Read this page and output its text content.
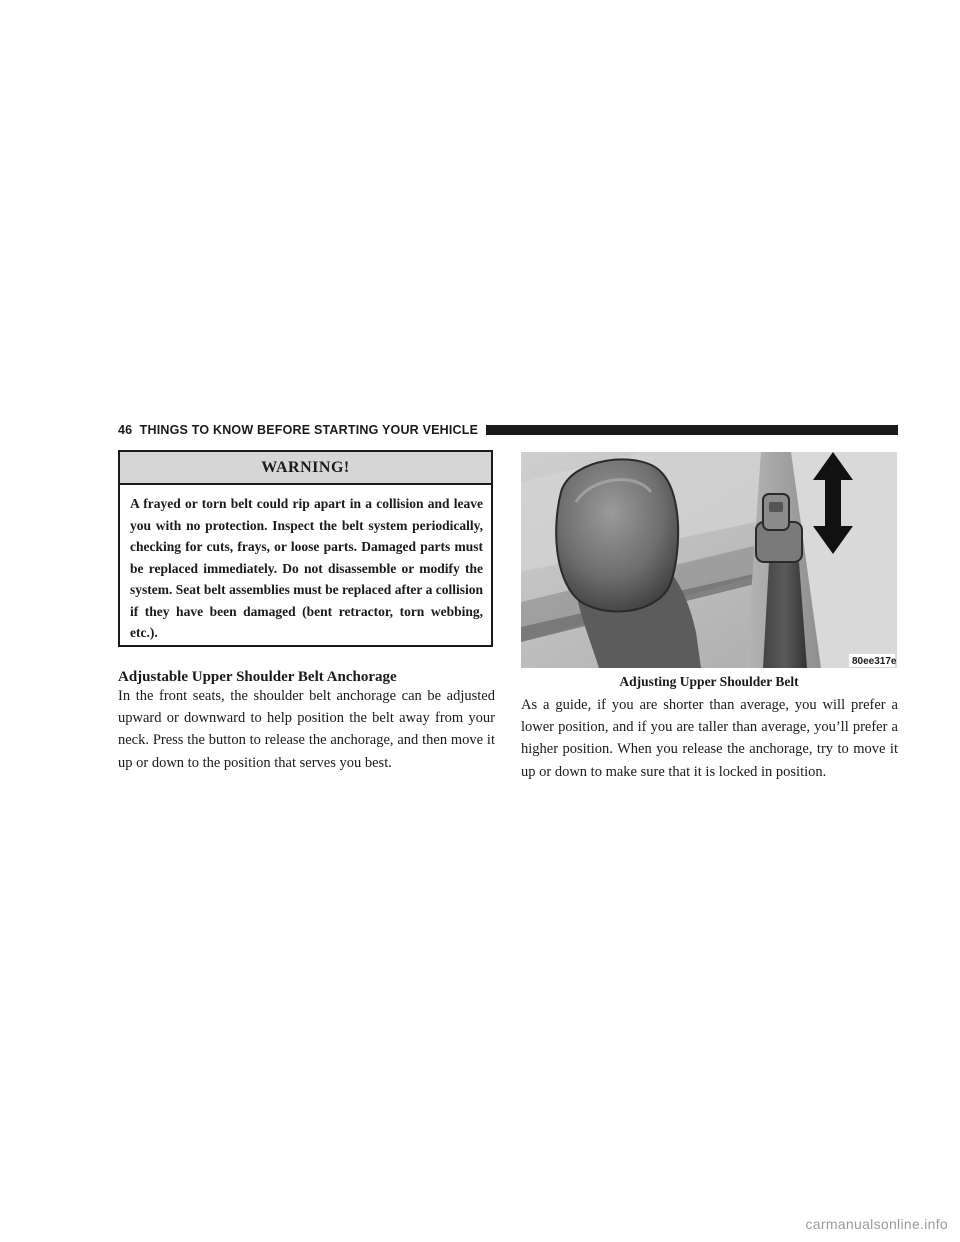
46 THINGS TO KNOW BEFORE STARTING YOUR VEHICLE
WARNING!
A frayed or torn belt could rip apart in a collision and leave you with no protection. Inspect the belt system periodically, checking for cuts, frays, or loose parts. Damaged parts must be replaced immediately. Do not disassemble or modify the system. Seat belt assemblies must be replaced after a collision if they have been damaged (bent retractor, torn webbing, etc.).
Adjustable Upper Shoulder Belt Anchorage
In the front seats, the shoulder belt anchorage can be adjusted upward or downward to help position the belt away from your neck. Press the button to release the anchorage, and then move it up or down to the position that serves you best.
80ee317e
Adjusting Upper Shoulder Belt
As a guide, if you are shorter than average, you will prefer a lower position, and if you are taller than average, you’ll prefer a higher position. When you release the anchorage, try to move it up or down to make sure that it is locked in position.
carmanualsonline.info
